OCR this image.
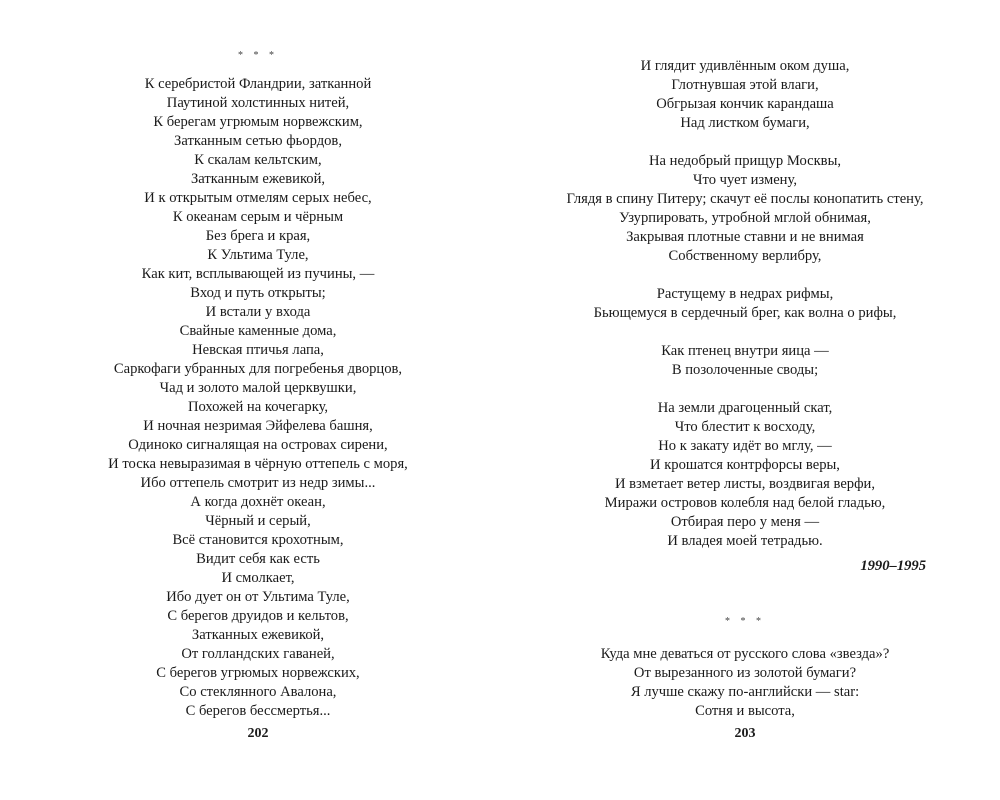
* * *
К серебристой Фландрии, затканной
Паутиной холстинных нитей,
К берегам угрюмым норвежским,
Затканным сетью фьордов,
К скалам кельтским,
Затканным ежевикой,
И к открытым отмелям серых небес,
К океанам серым и чёрным
Без брега и края,
К Ультима Туле,
Как кит, всплывающей из пучины, —
Вход и путь открыты;
И встали у входа
Свайные каменные дома,
Невская птичья лапа,
Саркофаги убранных для погребенья дворцов,
Чад и золото малой церквушки,
Похожей на кочегарку,
И ночная незримая Эйфелева башня,
Одиноко сигналящая на островах сирени,
И тоска невыразимая в чёрную оттепель с моря,
Ибо оттепель смотрит из недр зимы...
А когда дохнёт океан,
Чёрный и серый,
Всё становится крохотным,
Видит себя как есть
И смолкает,
Ибо дует он от Ультима Туле,
С берегов друидов и кельтов,
Затканных ежевикой,
От голландских гаваней,
С берегов угрюмых норвежских,
Со стеклянного Авалона,
С берегов бессмертья...
202
И глядит удивлённым оком душа,
Глотнувшая этой влаги,
Обгрызая кончик карандаша
Над листком бумаги,
На недобрый прищур Москвы,
Что чует измену,
Глядя в спину Питеру; скачут её послы конопатить стену,
Узурпировать, утробной мглой обнимая,
Закрывая плотные ставни и не внимая
Собственному верлибру,
Растущему в недрах рифмы,
Бьющемуся в сердечный брег, как волна о рифы,
Как птенец внутри яица —
В позолоченные своды;
На земли драгоценный скат,
Что блестит к восходу,
Но к закату идёт во мглу, —
И крошатся контрфорсы веры,
И взметает ветер листы, воздвигая верфи,
Миражи островов колебля над белой гладью,
Отбирая перо у меня —
И владея моей тетрадью.
1990–1995
* * *
Куда мне деваться от русского слова «звезда»?
От вырезанного из золотой бумаги?
Я лучше скажу по-английски — star:
Сотня и высота,
203
